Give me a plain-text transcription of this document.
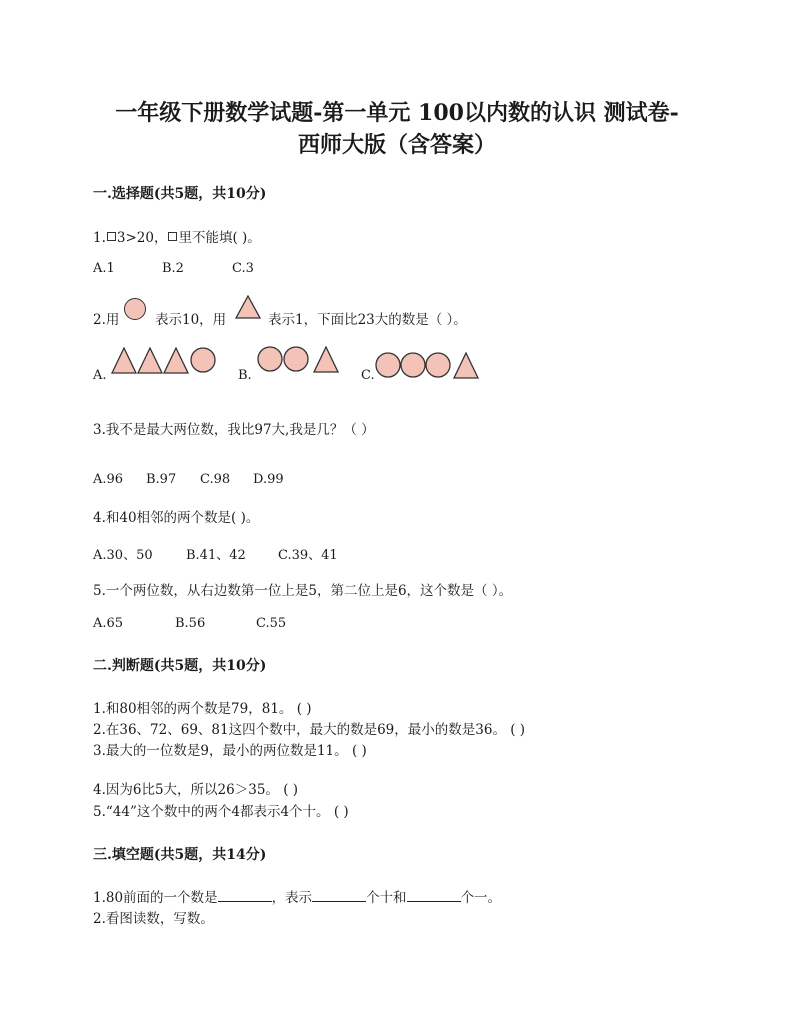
一年级下册数学试题-第一单元 100以内数的认识 测试卷-
西师大版（含答案）
一.选择题(共5题，共10分)
1. 3>20， 里不能填( )。
A.1	B.2	C.3
2.用	表示10，用	表示1，下面比23大的数是（ ）。
A.	B.	C.
3.我不是最大两位数，我比97大,我是几？（ ）
A.96 B.97 C.98 D.99
4.和40相邻的两个数是( )。
A.30、50	B.41、42 C.39、41
5.一个两位数，从右边数第一位上是5，第二位上是6，这个数是（ ）。
A.65	B.56	C.55
二.判断题(共5题，共10分)
1.和80相邻的两个数是79，81。 ( )
2.在36、72、69、81这四个数中，最大的数是69，最小的数是36。 ( )
3.最大的一位数是9，最小的两位数是11。 ( )
4.因为6比5大，所以26＞35。 ( )
5.“44”这个数中的两个4都表示4个十。 ( )
三.填空题(共5题，共14分)
1.80前面的一个数是	，表示	个十和	个一。
2.看图读数，写数。
